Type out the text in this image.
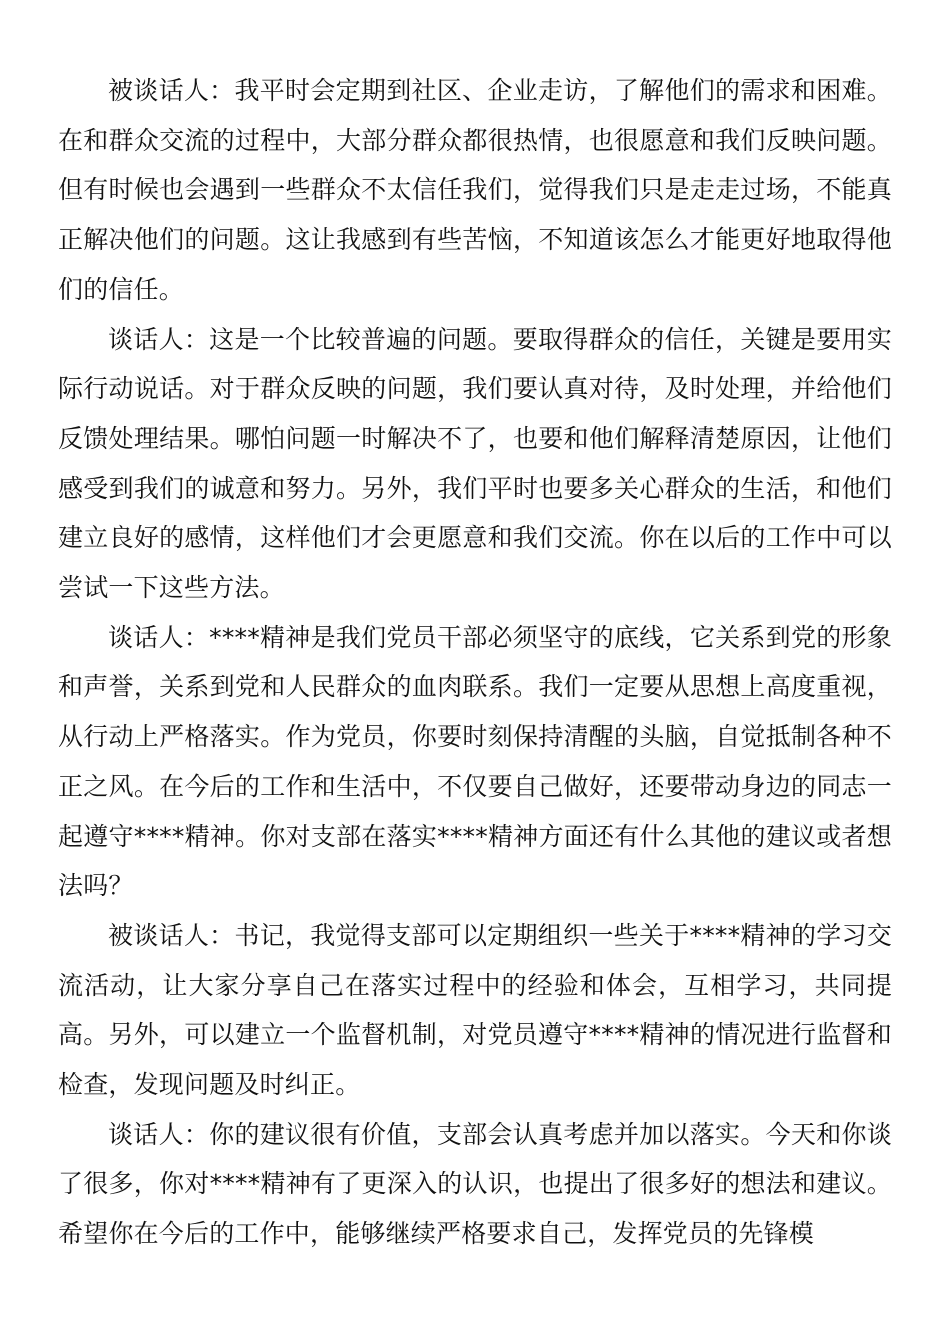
被谈话人：我平时会定期到社区、企业走访，了解他们的需求和困难。在和群众交流的过程中，大部分群众都很热情，也很愿意和我们反映问题。但有时候也会遇到一些群众不太信任我们，觉得我们只是走走过场，不能真正解决他们的问题。这让我感到有些苦恼，不知道该怎么才能更好地取得他们的信任。

谈话人：这是一个比较普遍的问题。要取得群众的信任，关键是要用实际行动说话。对于群众反映的问题，我们要认真对待，及时处理，并给他们反馈处理结果。哪怕问题一时解决不了，也要和他们解释清楚原因，让他们感受到我们的诚意和努力。另外，我们平时也要多关心群众的生活，和他们建立良好的感情，这样他们才会更愿意和我们交流。你在以后的工作中可以尝试一下这些方法。

谈话人：****精神是我们党员干部必须坚守的底线，它关系到党的形象和声誉，关系到党和人民群众的血肉联系。我们一定要从思想上高度重视，从行动上严格落实。作为党员，你要时刻保持清醒的头脑，自觉抵制各种不正之风。在今后的工作和生活中，不仅要自己做好，还要带动身边的同志一起遵守****精神。你对支部在落实****精神方面还有什么其他的建议或者想法吗？

被谈话人：书记，我觉得支部可以定期组织一些关于****精神的学习交流活动，让大家分享自己在落实过程中的经验和体会，互相学习，共同提高。另外，可以建立一个监督机制，对党员遵守****精神的情况进行监督和检查，发现问题及时纠正。

谈话人：你的建议很有价值，支部会认真考虑并加以落实。今天和你谈了很多，你对****精神有了更深入的认识，也提出了很多好的想法和建议。希望你在今后的工作中，能够继续严格要求自己，发挥党员的先锋模
